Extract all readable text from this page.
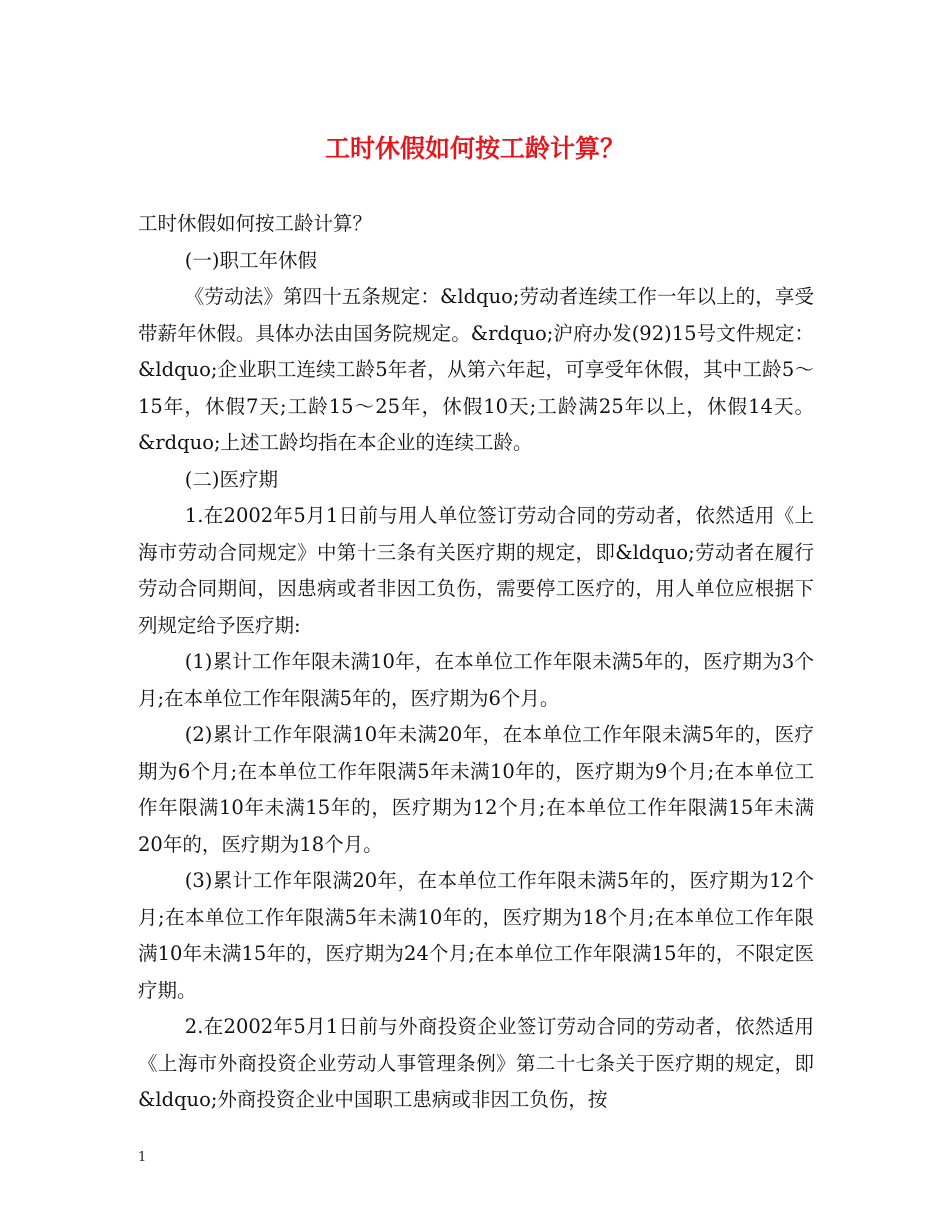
工时休假如何按工龄计算？

工时休假如何按工龄计算？

(一)职工年休假

《劳动法》第四十五条规定：&ldquo;劳动者连续工作一年以上的，享受带薪年休假。具体办法由国务院规定。&rdquo;沪府办发(92)15号文件规定：&ldquo;企业职工连续工龄5年者，从第六年起，可享受年休假，其中工龄5～15年，休假7天;工龄15～25年，休假10天;工龄满25年以上，休假14天。&rdquo;上述工龄均指在本企业的连续工龄。

(二)医疗期

1.在2002年5月1日前与用人单位签订劳动合同的劳动者，依然适用《上海市劳动合同规定》中第十三条有关医疗期的规定，即&ldquo;劳动者在履行劳动合同期间，因患病或者非因工负伤，需要停工医疗的，用人单位应根据下列规定给予医疗期:

(1)累计工作年限未满10年，在本单位工作年限未满5年的，医疗期为3个月;在本单位工作年限满5年的，医疗期为6个月。

(2)累计工作年限满10年未满20年，在本单位工作年限未满5年的，医疗期为6个月;在本单位工作年限满5年未满10年的，医疗期为9个月;在本单位工作年限满10年未满15年的，医疗期为12个月;在本单位工作年限满15年未满20年的，医疗期为18个月。

(3)累计工作年限满20年，在本单位工作年限未满5年的，医疗期为12个月;在本单位工作年限满5年未满10年的，医疗期为18个月;在本单位工作年限满10年未满15年的，医疗期为24个月;在本单位工作年限满15年的，不限定医疗期。

2.在2002年5月1日前与外商投资企业签订劳动合同的劳动者，依然适用《上海市外商投资企业劳动人事管理条例》第二十七条关于医疗期的规定，即&ldquo;外商投资企业中国职工患病或非因工负伤，按

1
